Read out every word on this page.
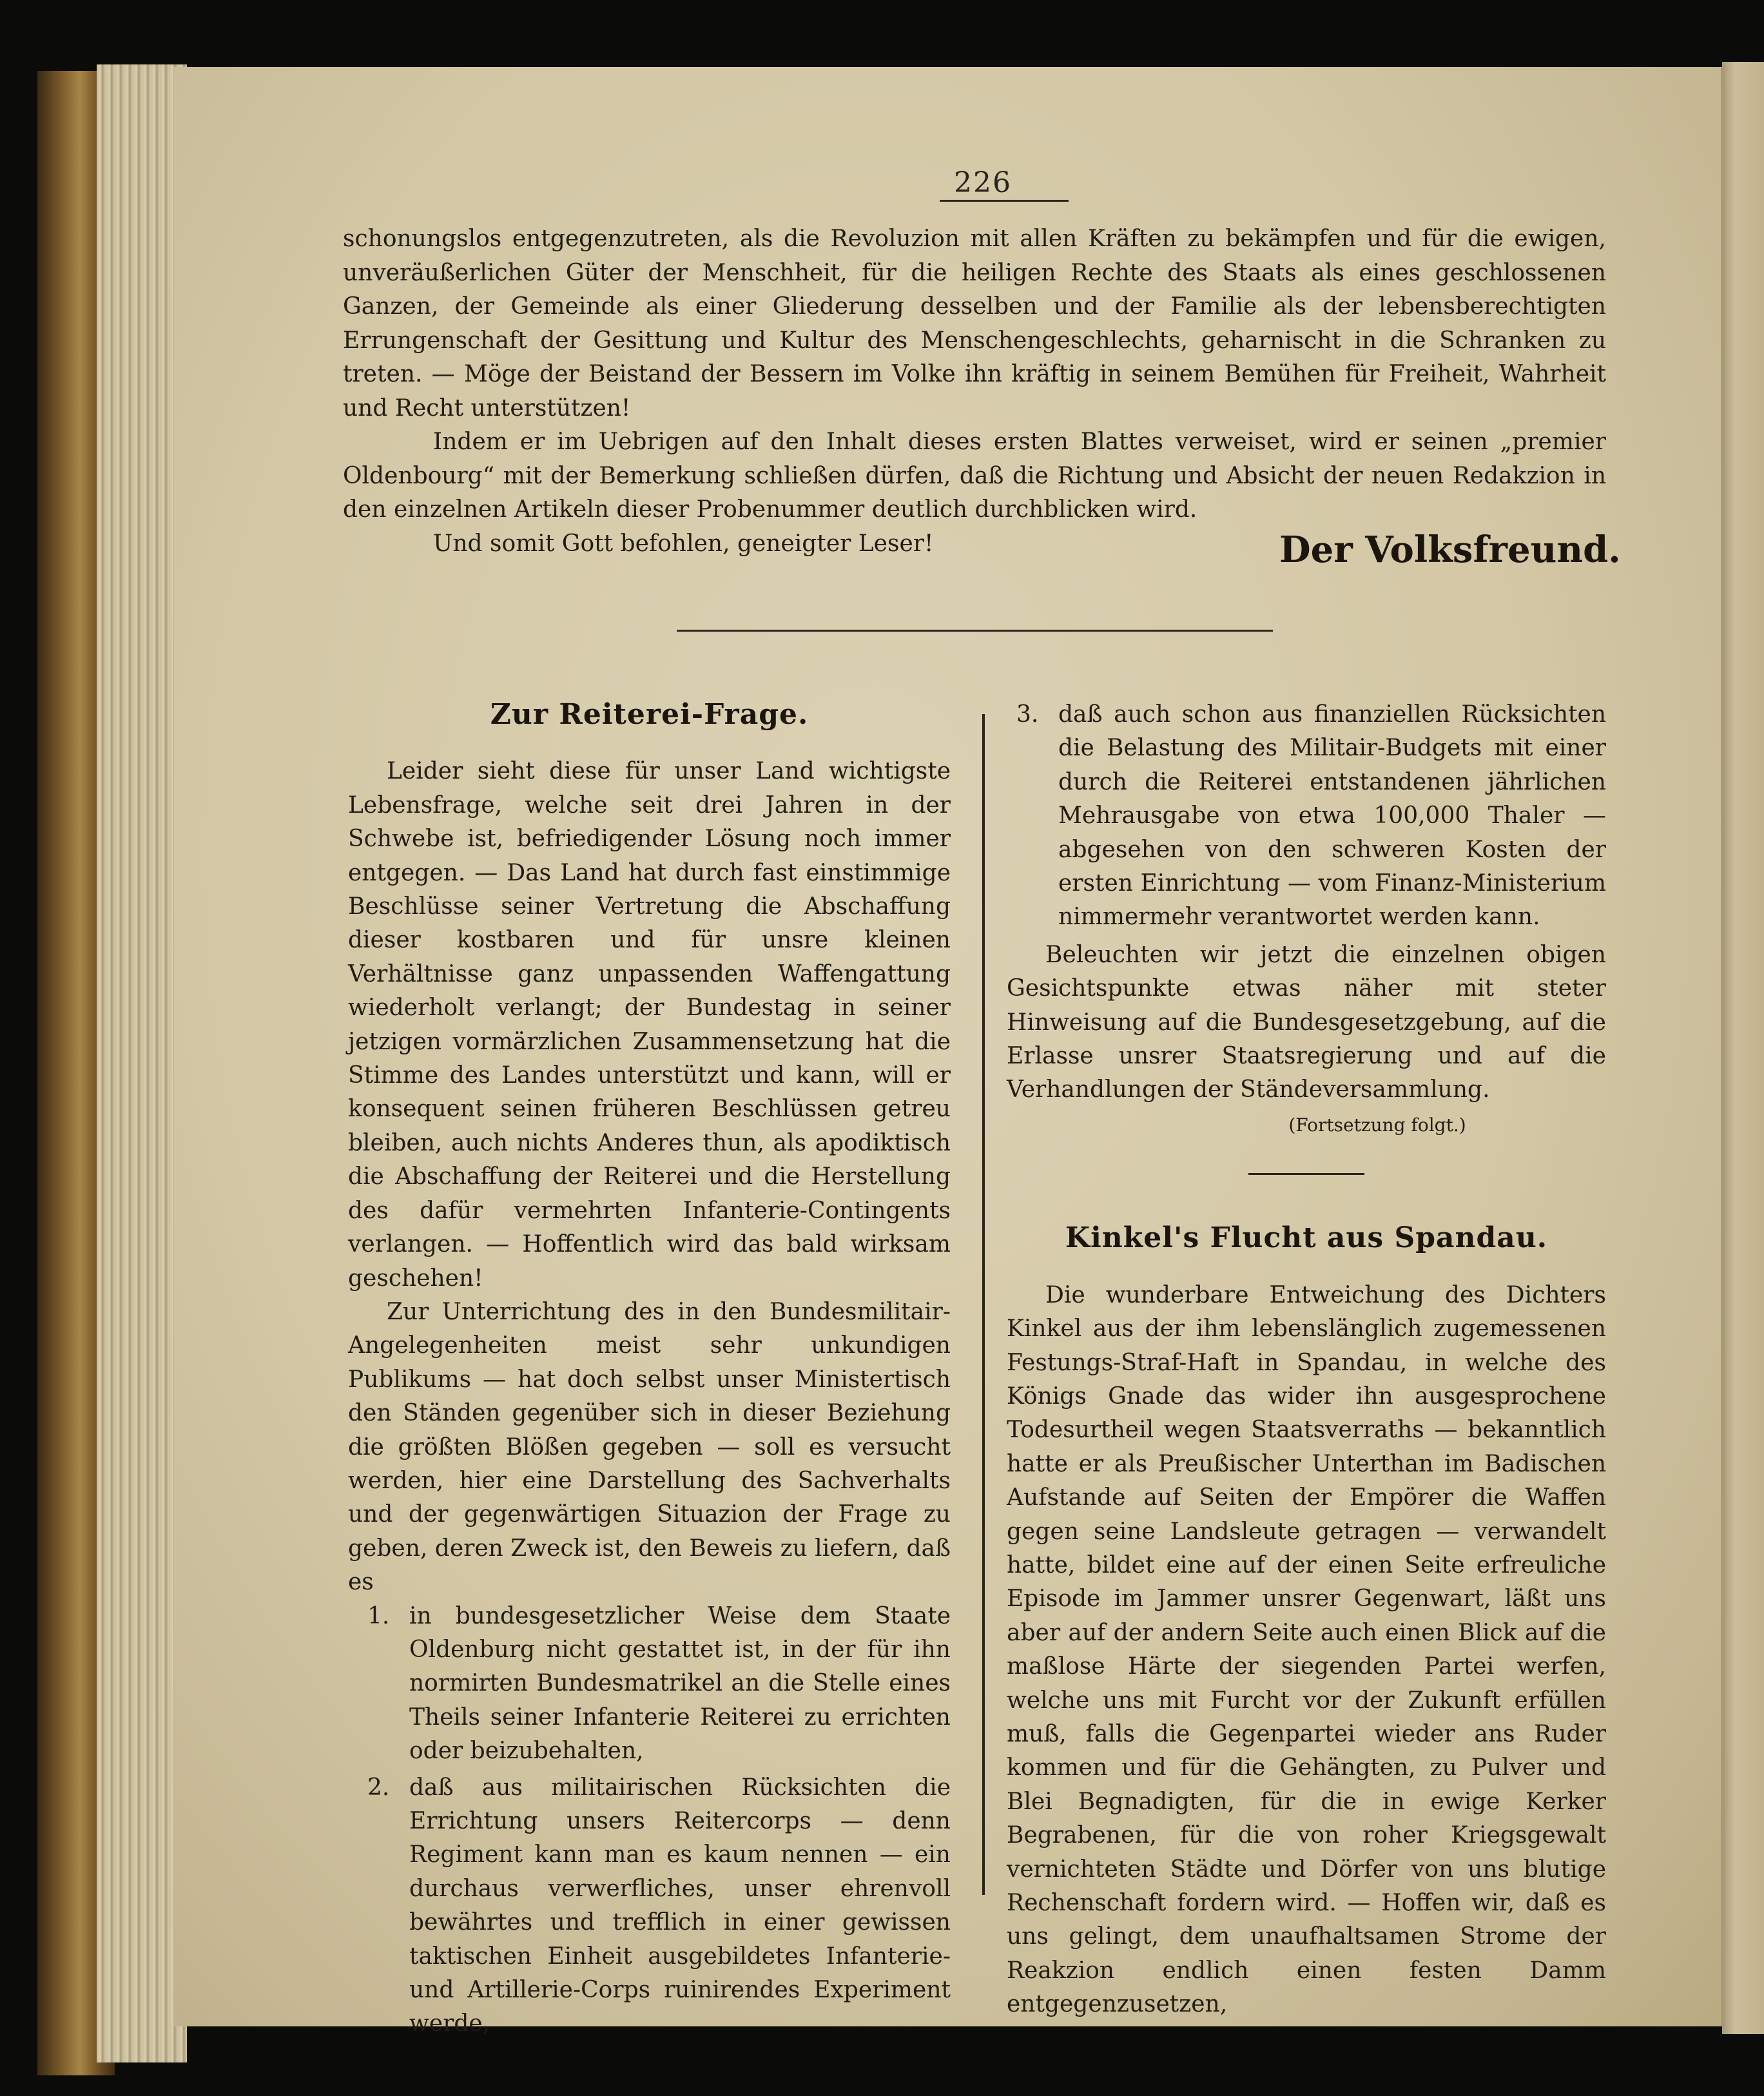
226

schonungslos entgegenzutreten, als die Revoluzion mit allen Kräften zu bekämpfen und für die ewigen, unveräußerlichen Güter der Menschheit, für die heiligen Rechte des Staats als eines geschlossenen Ganzen, der Gemeinde als einer Gliederung desselben und der Familie als der lebensberechtigten Errungenschaft der Gesittung und Kultur des Menschengeschlechts, geharnischt in die Schranken zu treten. — Möge der Beistand der Bessern im Volke ihn kräftig in seinem Bemühen für Freiheit, Wahrheit und Recht unterstützen!

Indem er im Uebrigen auf den Inhalt dieses ersten Blattes verweiset, wird er seinen „premier Oldenbourg“ mit der Bemerkung schließen dürfen, daß die Richtung und Absicht der neuen Redakzion in den einzelnen Artikeln dieser Probenummer deutlich durchblicken wird.

Und somit Gott befohlen, geneigter Leser!	Der Volksfreund.

Zur Reiterei-Frage.

Leider sieht diese für unser Land wichtigste Lebensfrage, welche seit drei Jahren in der Schwebe ist, befriedigender Lösung noch immer entgegen. — Das Land hat durch fast einstimmige Beschlüsse seiner Vertretung die Abschaffung dieser kostbaren und für unsre kleinen Verhältnisse ganz unpassenden Waffengattung wiederholt verlangt; der Bundestag in seiner jetzigen vormärzlichen Zusammensetzung hat die Stimme des Landes unterstützt und kann, will er konsequent seinen früheren Beschlüssen getreu bleiben, auch nichts Anderes thun, als apodiktisch die Abschaffung der Reiterei und die Herstellung des dafür vermehrten Infanterie-Contingents verlangen. — Hoffentlich wird das bald wirksam geschehen!

Zur Unterrichtung des in den Bundesmilitair-Angelegenheiten meist sehr unkundigen Publikums — hat doch selbst unser Ministertisch den Ständen gegenüber sich in dieser Beziehung die größten Blößen gegeben — soll es versucht werden, hier eine Darstellung des Sachverhalts und der gegenwärtigen Situazion der Frage zu geben, deren Zweck ist, den Beweis zu liefern, daß es

1. in bundesgesetzlicher Weise dem Staate Oldenburg nicht gestattet ist, in der für ihn normirten Bundesmatrikel an die Stelle eines Theils seiner Infanterie Reiterei zu errichten oder beizubehalten,
2. daß aus militairischen Rücksichten die Errichtung unsers Reitercorps — denn Regiment kann man es kaum nennen — ein durchaus verwerfliches, unser ehrenvoll bewährtes und trefflich in einer gewissen taktischen Einheit ausgebildetes Infanterie- und Artillerie-Corps ruinirendes Experiment werde,
3. daß auch schon aus finanziellen Rücksichten die Belastung des Militair-Budgets mit einer durch die Reiterei entstandenen jährlichen Mehrausgabe von etwa 100,000 Thaler — abgesehen von den schweren Kosten der ersten Einrichtung — vom Finanz-Ministerium nimmermehr verantwortet werden kann.

Beleuchten wir jetzt die einzelnen obigen Gesichtspunkte etwas näher mit steter Hinweisung auf die Bundesgesetzgebung, auf die Erlasse unsrer Staatsregierung und auf die Verhandlungen der Ständeversammlung.

(Fortsetzung folgt.)

Kinkel's Flucht aus Spandau.

Die wunderbare Entweichung des Dichters Kinkel aus der ihm lebenslänglich zugemessenen Festungs-Straf-Haft in Spandau, in welche des Königs Gnade das wider ihn ausgesprochene Todesurtheil wegen Staatsverraths — bekanntlich hatte er als Preußischer Unterthan im Badischen Aufstande auf Seiten der Empörer die Waffen gegen seine Landsleute getragen — verwandelt hatte, bildet eine auf der einen Seite erfreuliche Episode im Jammer unsrer Gegenwart, läßt uns aber auf der andern Seite auch einen Blick auf die maßlose Härte der siegenden Partei werfen, welche uns mit Furcht vor der Zukunft erfüllen muß, falls die Gegenpartei wieder ans Ruder kommen und für die Gehängten, zu Pulver und Blei Begnadigten, für die in ewige Kerker Begrabenen, für die von roher Kriegsgewalt vernichteten Städte und Dörfer von uns blutige Rechenschaft fordern wird. — Hoffen wir, daß es uns gelingt, dem unaufhaltsamen Strome der Reakzion endlich einen festen Damm entgegenzusetzen,
